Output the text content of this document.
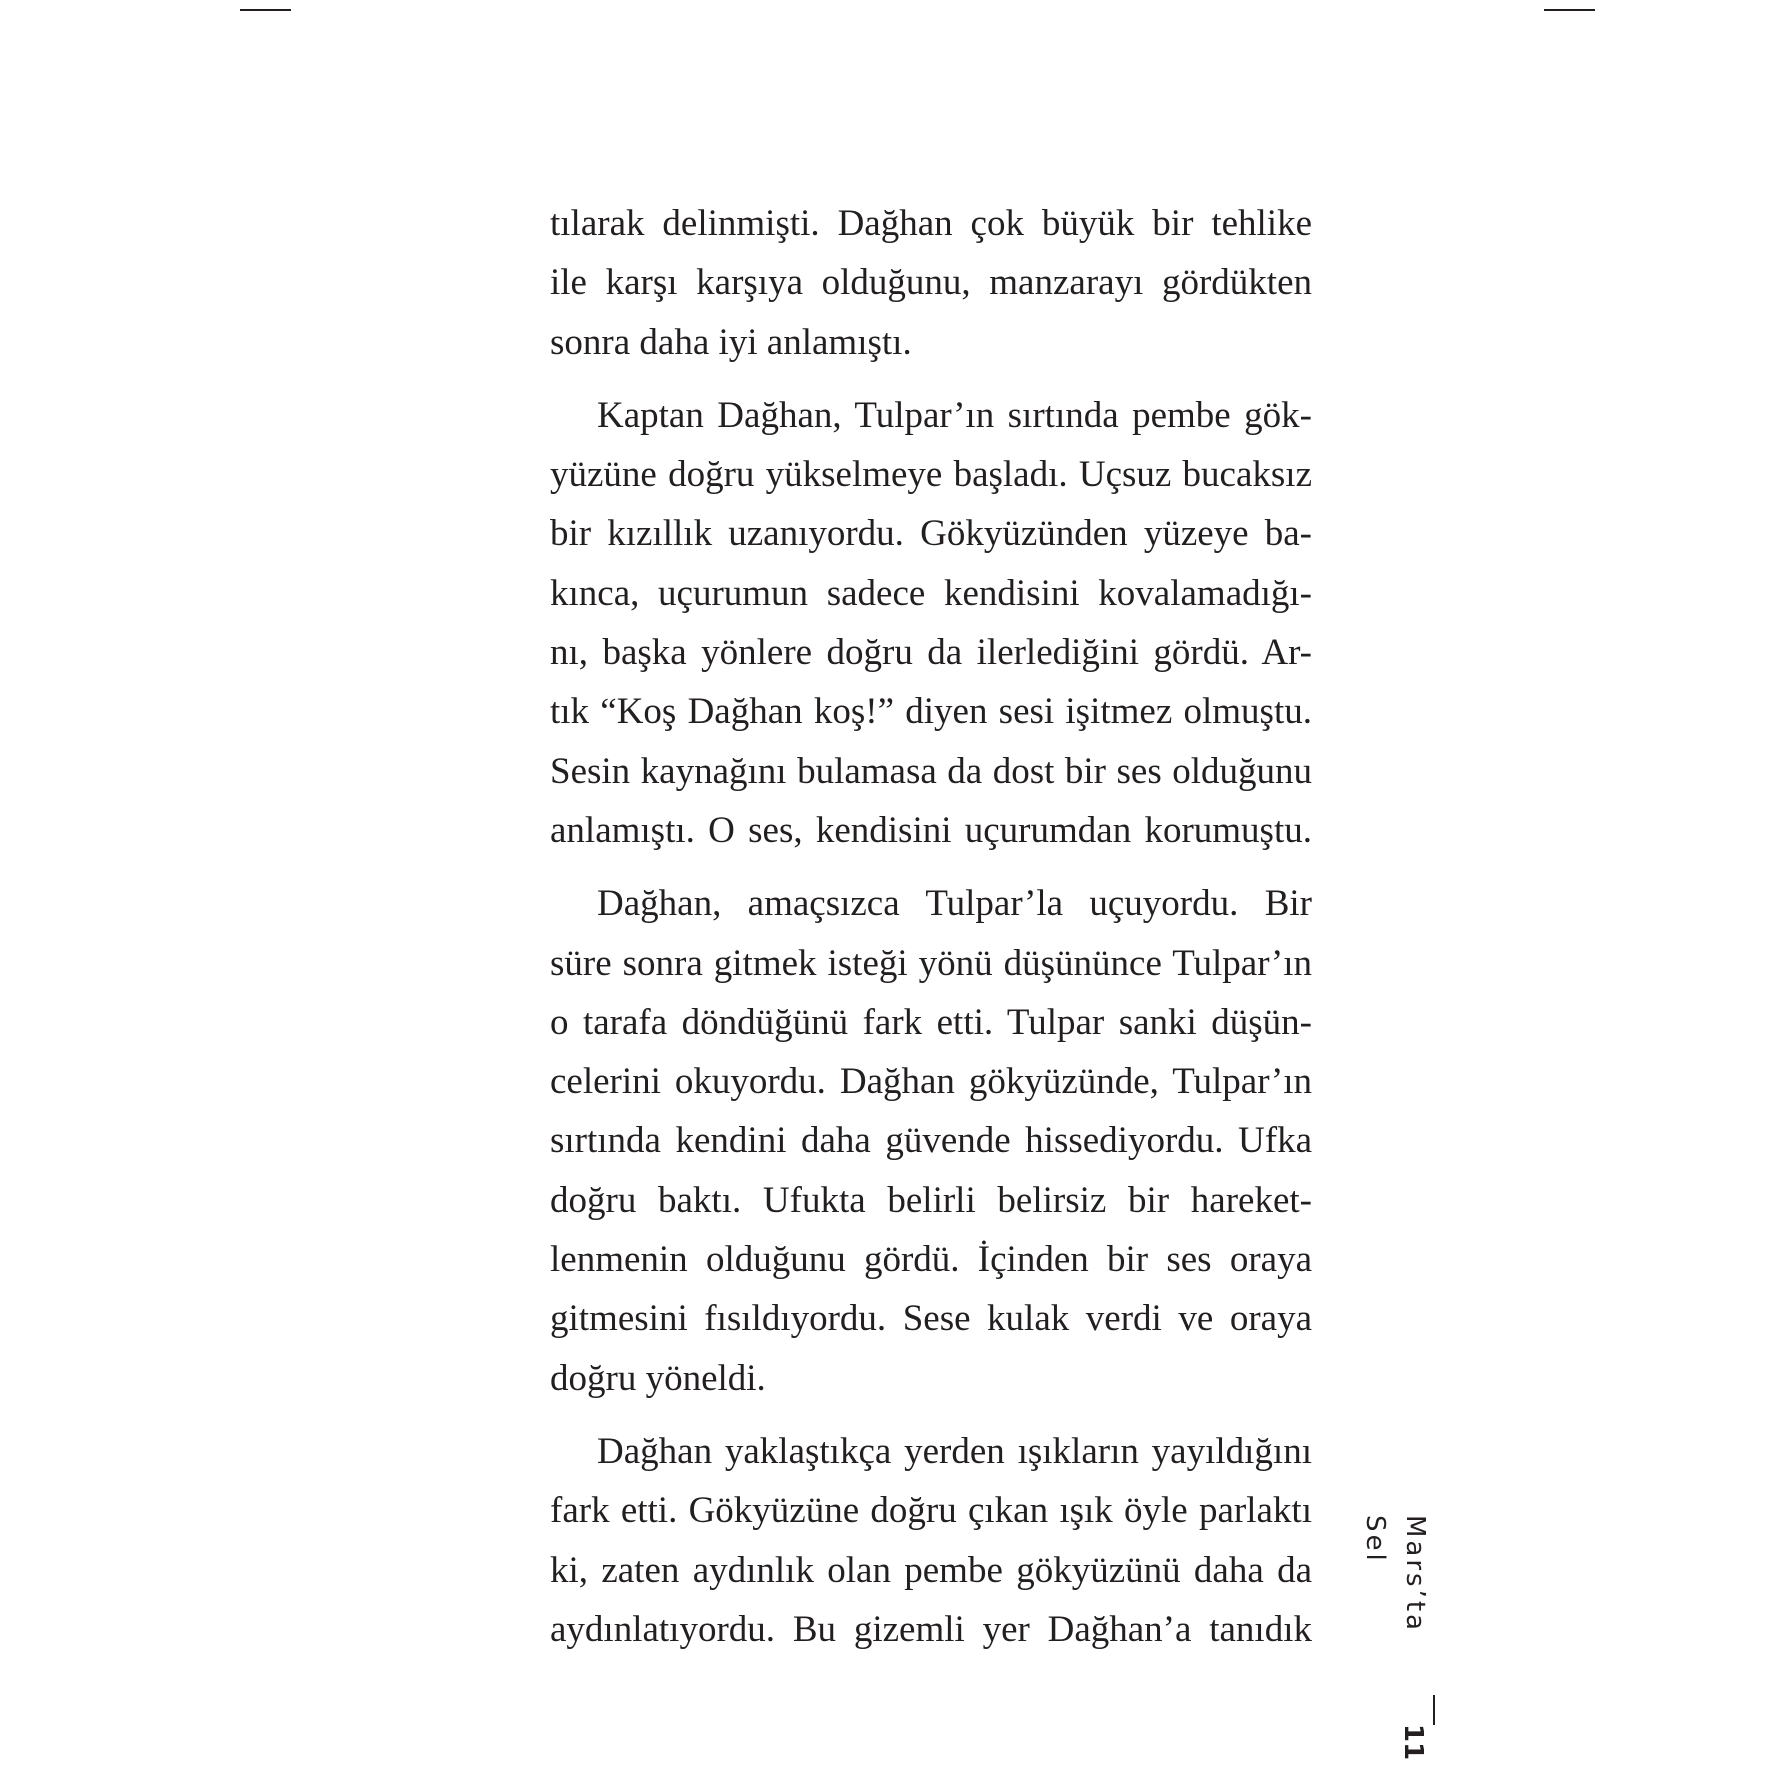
tılarak delinmişti. Dağhan çok büyük bir tehlike
ile karşı karşıya olduğunu, manzarayı gördükten
sonra daha iyi anlamıştı.

Kaptan Dağhan, Tulpar’ın sırtında pembe gök-
yüzüne doğru yükselmeye başladı. Uçsuz bucaksız
bir kızıllık uzanıyordu. Gökyüzünden yüzeye ba-
kınca, uçurumun sadece kendisini kovalamadığı-
nı, başka yönlere doğru da ilerlediğini gördü. Ar-
tık “Koş Dağhan koş!” diyen sesi işitmez olmuştu.
Sesin kaynağını bulamasa da dost bir ses olduğunu
anlamıştı. O ses, kendisini uçurumdan korumuştu.

Dağhan, amaçsızca Tulpar’la uçuyordu. Bir
süre sonra gitmek isteği yönü düşününce Tulpar’ın
o tarafa döndüğünü fark etti. Tulpar sanki düşün-
celerini okuyordu. Dağhan gökyüzünde, Tulpar’ın
sırtında kendini daha güvende hissediyordu. Ufka
doğru baktı. Ufukta belirli belirsiz bir hareket-
lenmenin olduğunu gördü. İçinden bir ses oraya
gitmesini fısıldıyordu. Sese kulak verdi ve oraya
doğru yöneldi.

Dağhan yaklaştıkça yerden ışıkların yayıldığını
fark etti. Gökyüzüne doğru çıkan ışık öyle parlaktı
ki, zaten aydınlık olan pembe gökyüzünü daha da
aydınlatıyordu. Bu gizemli yer Dağhan’a tanıdık	Mars’ta Sel
11
